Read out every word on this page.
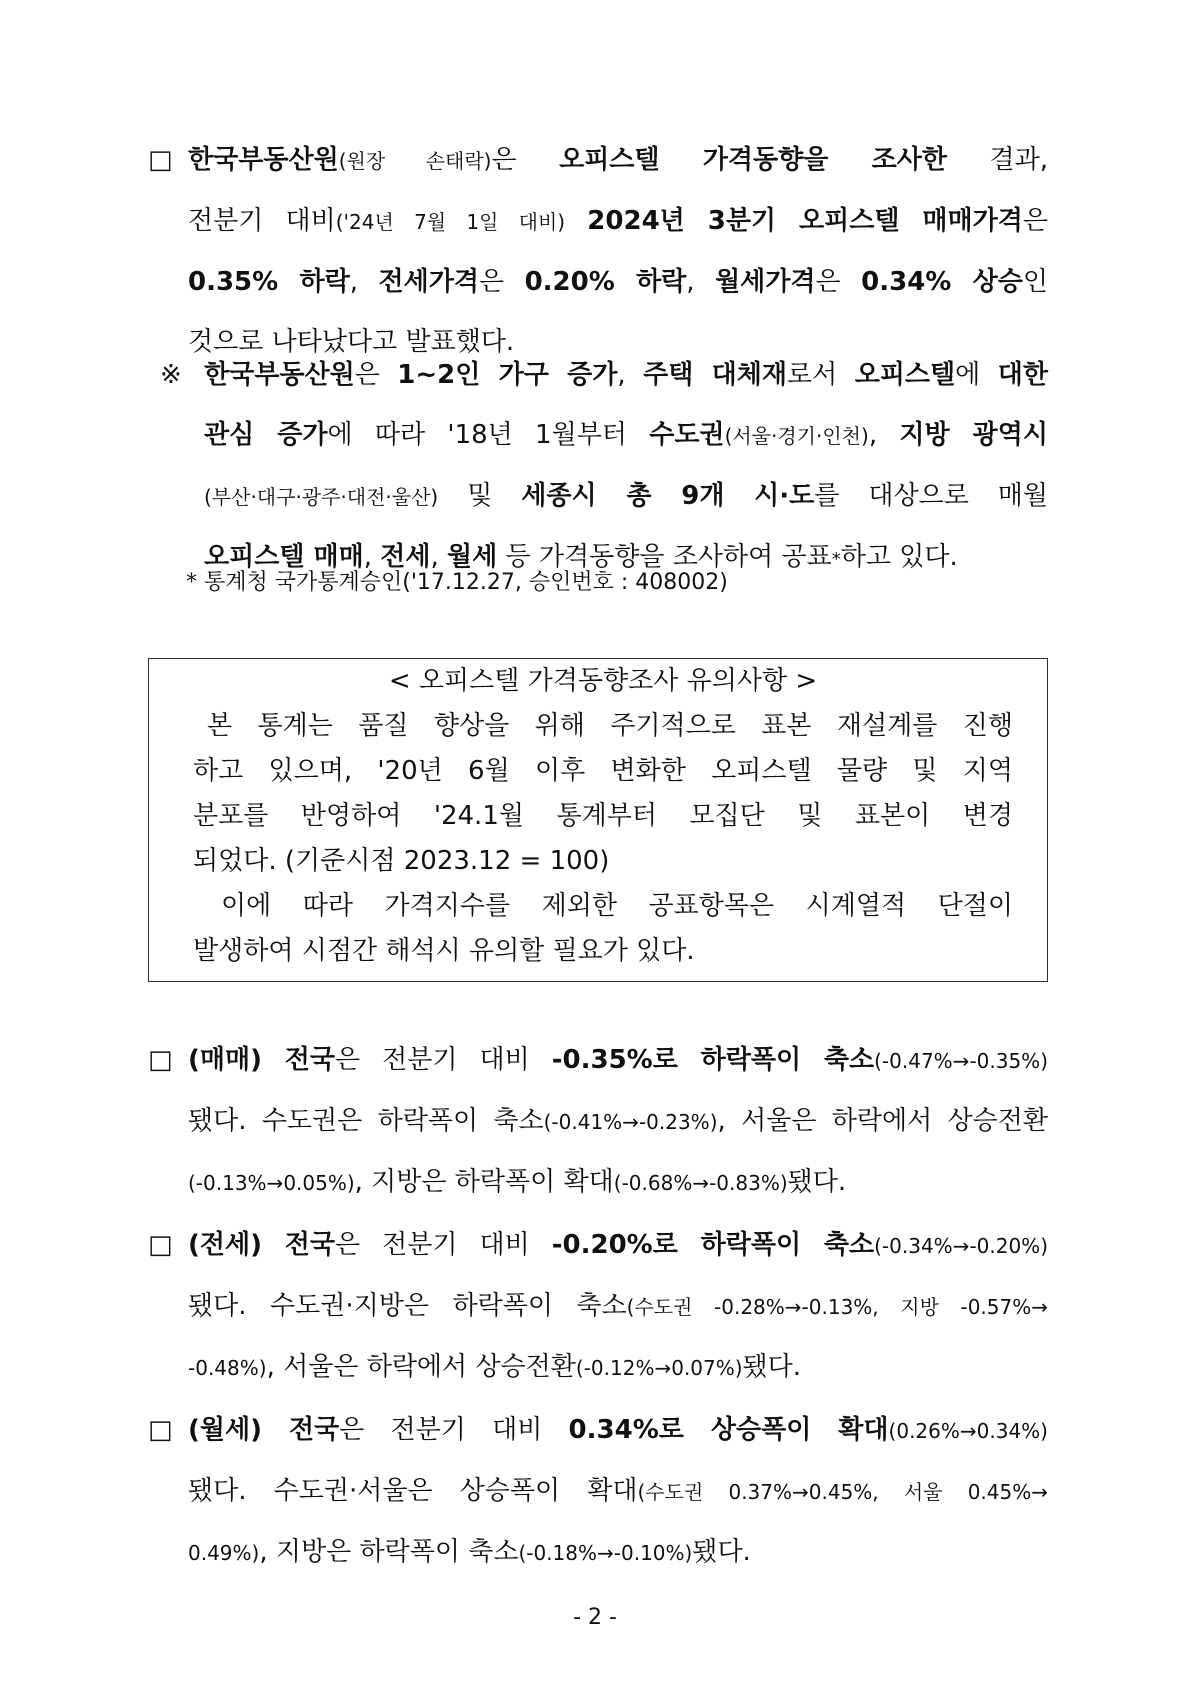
□ 한국부동산원(원장 손태락)은 오피스텔 가격동향을 조사한 결과,
전분기 대비('24년 7월 1일 대비) 2024년 3분기 오피스텔 매매가격은
0.35% 하락, 전세가격은 0.20% 하락, 월세가격은 0.34% 상승인
것으로 나타났다고 발표했다.
※ 한국부동산원은 1~2인 가구 증가, 주택 대체재로서 오피스텔에 대한
관심 증가에 따라 '18년 1월부터 수도권(서울·경기·인천), 지방 광역시
(부산·대구·광주·대전·울산) 및 세종시 총 9개 시·도를 대상으로 매월
오피스텔 매매, 전세, 월세 등 가격동향을 조사하여 공표*하고 있다.
* 통계청 국가통계승인('17.12.27, 승인번호 : 408002)
< 오피스텔 가격동향조사 유의사항 >
본 통계는 품질 향상을 위해 주기적으로 표본 재설계를 진행
하고 있으며, '20년 6월 이후 변화한 오피스텔 물량 및 지역
분포를 반영하여 '24.1월 통계부터 모집단 및 표본이 변경
되었다. (기준시점 2023.12 = 100)
이에 따라 가격지수를 제외한 공표항목은 시계열적 단절이
발생하여 시점간 해석시 유의할 필요가 있다.
□ (매매) 전국은 전분기 대비 -0.35%로 하락폭이 축소(-0.47%→-0.35%)
됐다. 수도권은 하락폭이 축소(-0.41%→-0.23%), 서울은 하락에서 상승전환
(-0.13%→0.05%), 지방은 하락폭이 확대(-0.68%→-0.83%)됐다.
□ (전세) 전국은 전분기 대비 -0.20%로 하락폭이 축소(-0.34%→-0.20%)
됐다. 수도권·지방은 하락폭이 축소(수도권 -0.28%→-0.13%, 지방 -0.57%→
-0.48%), 서울은 하락에서 상승전환(-0.12%→0.07%)됐다.
□ (월세) 전국은 전분기 대비 0.34%로 상승폭이 확대(0.26%→0.34%)
됐다. 수도권·서울은 상승폭이 확대(수도권 0.37%→0.45%, 서울 0.45%→
0.49%), 지방은 하락폭이 축소(-0.18%→-0.10%)됐다.
- 2 -
